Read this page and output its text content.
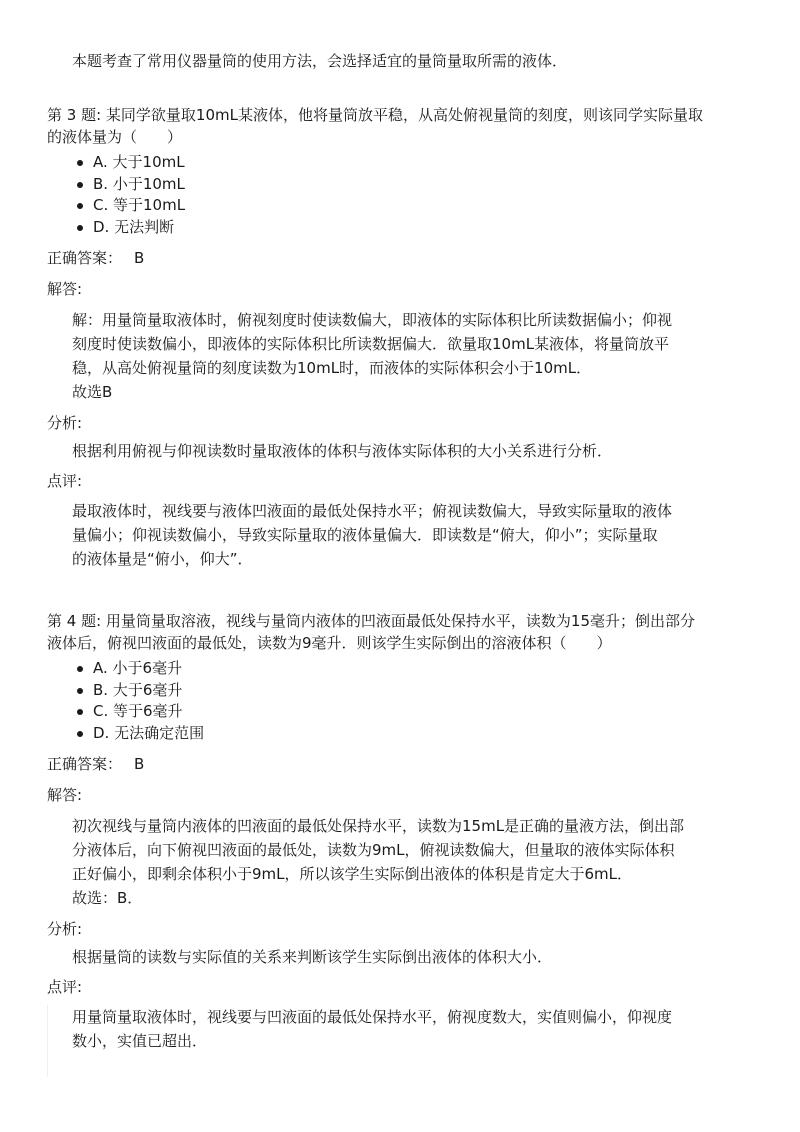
本题考查了常用仪器量筒的使用方法，会选择适宜的量筒量取所需的液体．

第 3 题: 某同学欲量取10mL某液体，他将量筒放平稳，从高处俯视量筒的刻度，则该同学实际量取
的液体量为（　　）

A. 大于10mL
B. 小于10mL
C. 等于10mL
D. 无法判断
正确答案： B
解答:
解：用量筒量取液体时，俯视刻度时使读数偏大，即液体的实际体积比所读数据偏小；仰视
刻度时使读数偏小，即液体的实际体积比所读数据偏大．欲量取10mL某液体，将量筒放平
稳，从高处俯视量筒的刻度读数为10mL时，而液体的实际体积会小于10mL．
故选B
分析:
根据利用俯视与仰视读数时量取液体的体积与液体实际体积的大小关系进行分析．
点评:
最取液体时，视线要与液体凹液面的最低处保持水平；俯视读数偏大，导致实际量取的液体
量偏小；仰视读数偏小，导致实际量取的液体量偏大．即读数是“俯大，仰小”；实际量取
的液体量是“俯小，仰大”．

第 4 题: 用量筒量取溶液，视线与量筒内液体的凹液面最低处保持水平，读数为15毫升；倒出部分
液体后，俯视凹液面的最低处，读数为9毫升．则该学生实际倒出的溶液体积（　　）

A. 小于6毫升
B. 大于6毫升
C. 等于6毫升
D. 无法确定范围
正确答案： B
解答:
初次视线与量筒内液体的凹液面的最低处保持水平，读数为15mL是正确的量液方法，倒出部
分液体后，向下俯视凹液面的最低处，读数为9mL，俯视读数偏大，但量取的液体实际体积
正好偏小，即剩余体积小于9mL，所以该学生实际倒出液体的体积是肯定大于6mL．
故选：B．
分析:
根据量筒的读数与实际值的关系来判断该学生实际倒出液体的体积大小．
点评:
用量筒量取液体时，视线要与凹液面的最低处保持水平，俯视度数大，实值则偏小，仰视度
数小，实值已超出．
